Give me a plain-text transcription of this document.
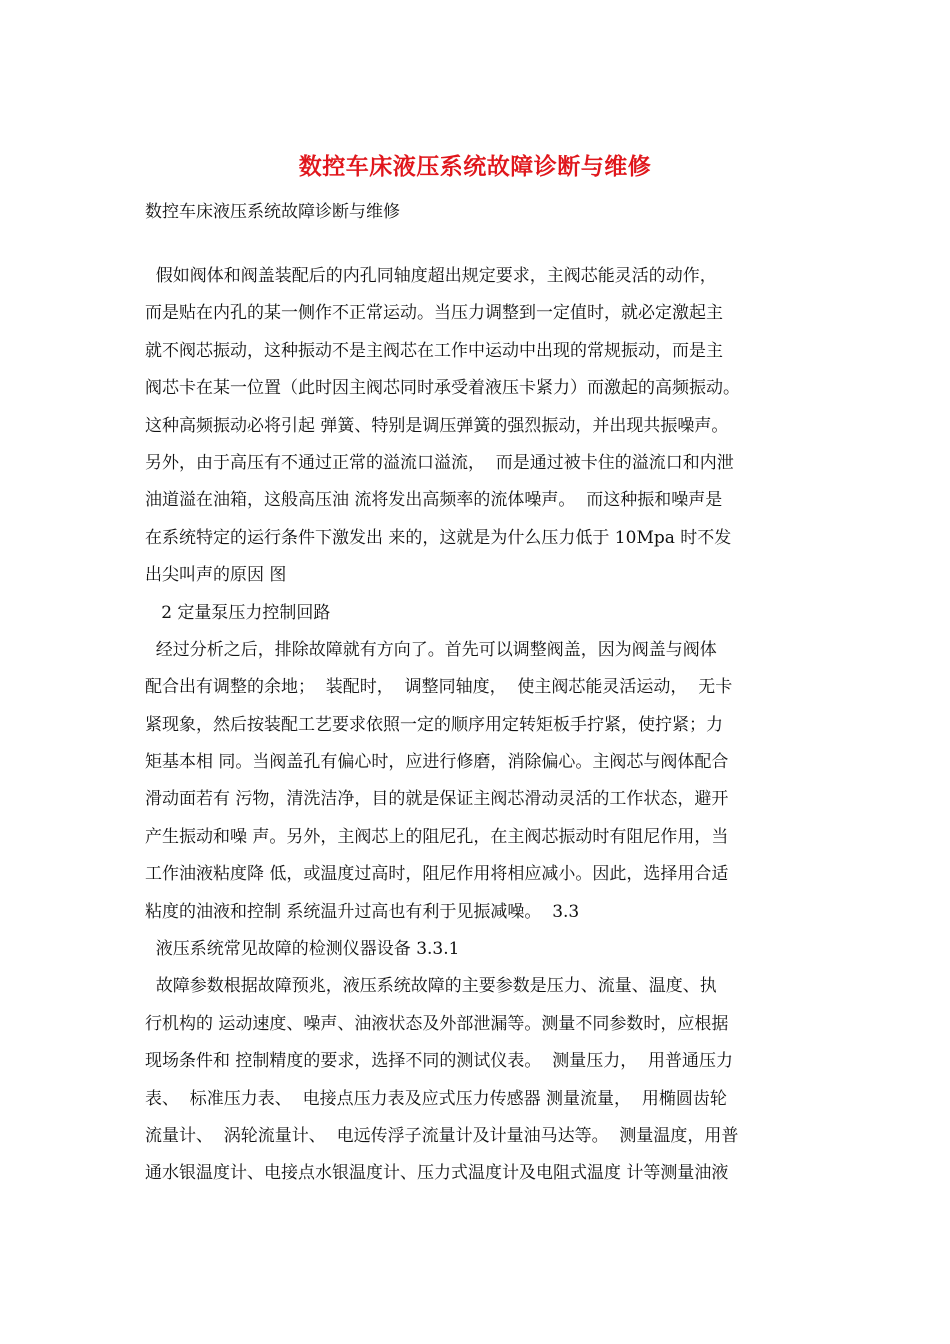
数控车床液压系统故障诊断与维修
数控车床液压系统故障诊断与维修
假如阀体和阀盖装配后的内孔同轴度超出规定要求，主阀芯能灵活的动作，
而是贴在内孔的某一侧作不正常运动。当压力调整到一定值时，就必定激起主
就不阀芯振动，这种振动不是主阀芯在工作中运动中出现的常规振动，而是主
阀芯卡在某一位置（此时因主阀芯同时承受着液压卡紧力）而激起的高频振动。
这种高频振动必将引起 弹簧、特别是调压弹簧的强烈振动，并出现共振噪声。
另外，由于高压有不通过正常的溢流口溢流，  而是通过被卡住的溢流口和内泄
油道溢在油箱，这般高压油 流将发出高频率的流体噪声。  而这种振和噪声是
在系统特定的运行条件下激发出 来的，这就是为什么压力低于 10Mpa 时不发
出尖叫声的原因 图
2 定量泵压力控制回路
经过分析之后，排除故障就有方向了。首先可以调整阀盖，因为阀盖与阀体
配合出有调整的余地；  装配时，  调整同轴度，  使主阀芯能灵活运动，  无卡
紧现象，然后按装配工艺要求依照一定的顺序用定转矩板手拧紧，使拧紧；力
矩基本相 同。当阀盖孔有偏心时，应进行修磨，消除偏心。主阀芯与阀体配合
滑动面若有 污物，清洗洁净，目的就是保证主阀芯滑动灵活的工作状态，避开
产生振动和噪 声。另外，主阀芯上的阻尼孔，在主阀芯振动时有阻尼作用，当
工作油液粘度降 低，或温度过高时，阻尼作用将相应减小。因此，选择用合适
粘度的油液和控制 系统温升过高也有利于见振减噪。  3.3
液压系统常见故障的检测仪器设备 3.3.1
故障参数根据故障预兆，液压系统故障的主要参数是压力、流量、温度、执
行机构的 运动速度、噪声、油液状态及外部泄漏等。测量不同参数时，应根据
现场条件和 控制精度的要求，选择不同的测试仪表。  测量压力，  用普通压力
表、  标准压力表、  电接点压力表及应式压力传感器 测量流量，  用椭圆齿轮
流量计、  涡轮流量计、  电远传浮子流量计及计量油马达等。  测量温度，用普
通水银温度计、电接点水银温度计、压力式温度计及电阻式温度 计等测量油液
